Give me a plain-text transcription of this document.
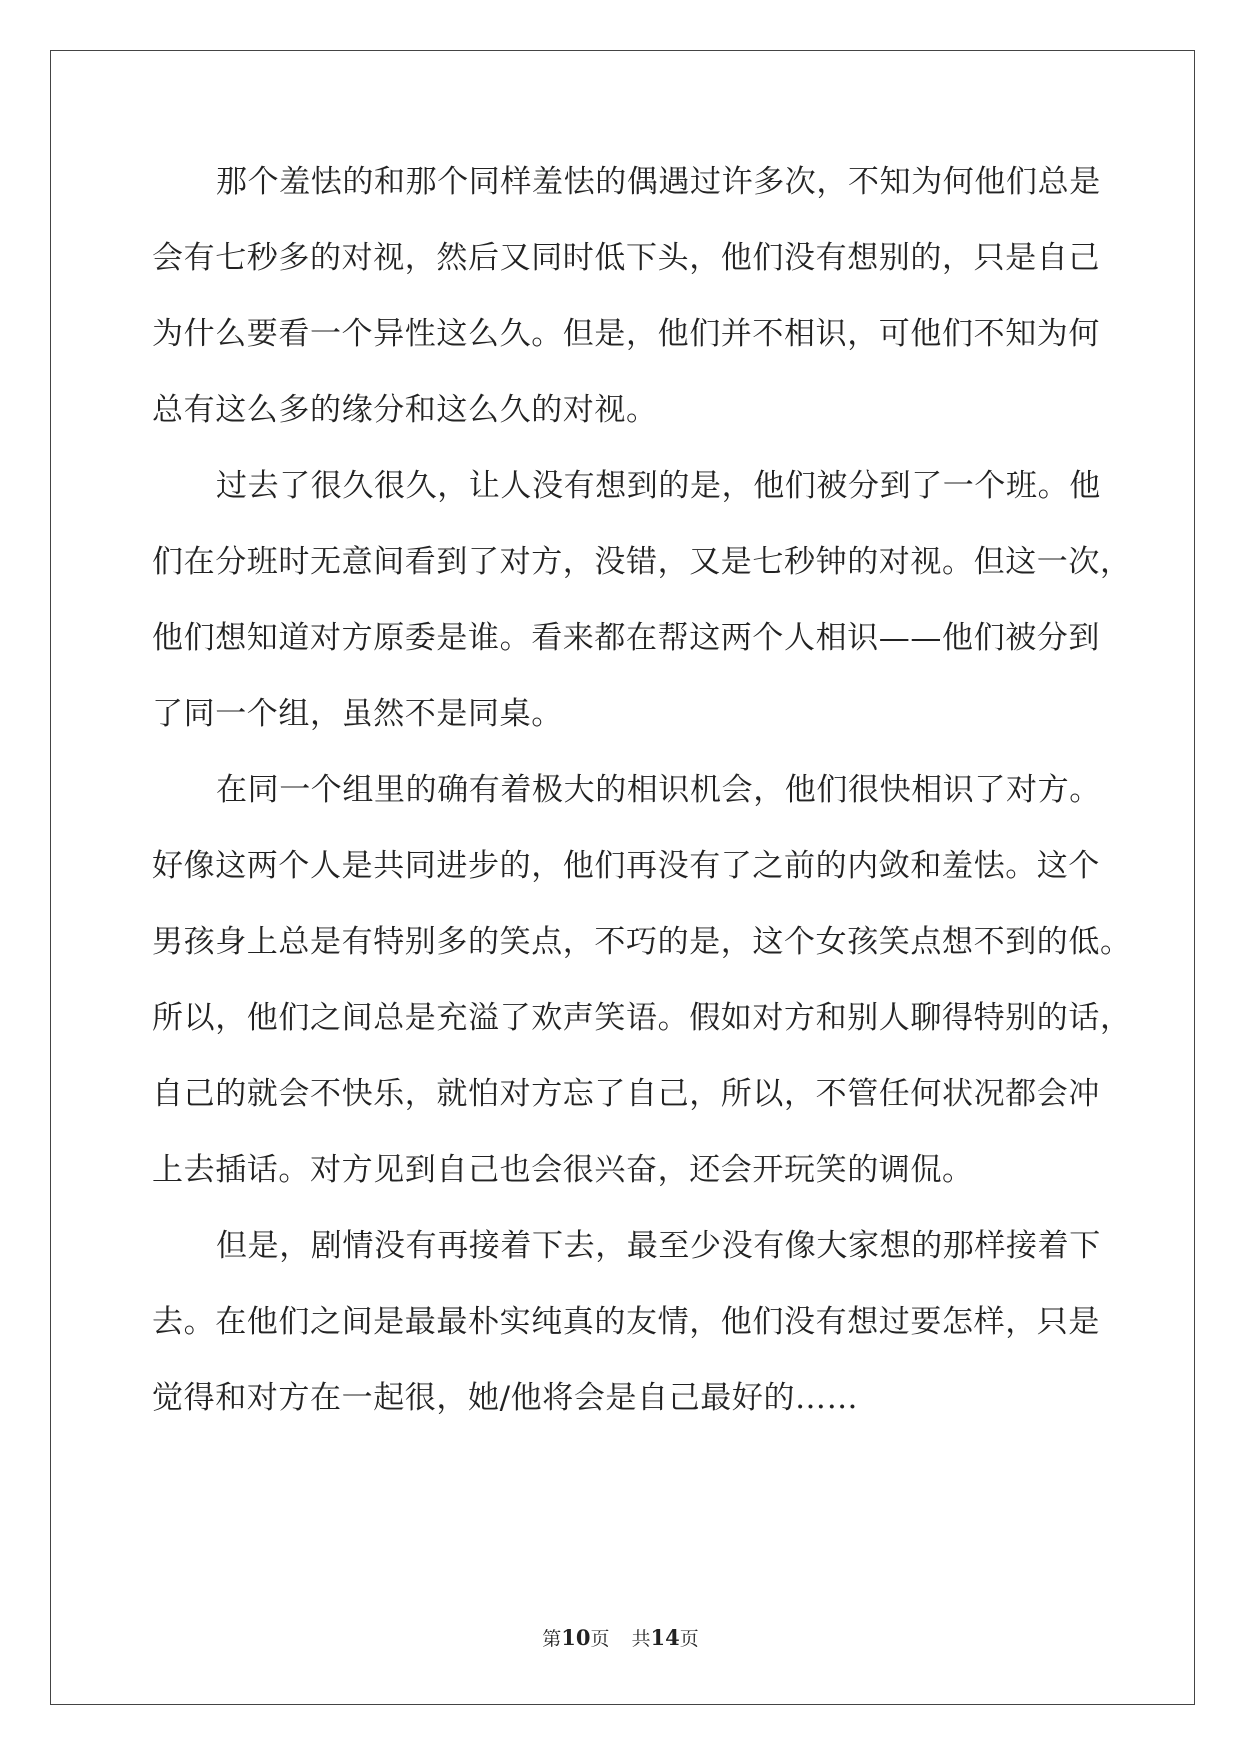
那个羞怯的和那个同样羞怯的偶遇过许多次，不知为何他们总是
会有七秒多的对视，然后又同时低下头，他们没有想别的，只是自己
为什么要看一个异性这么久。但是，他们并不相识，可他们不知为何
总有这么多的缘分和这么久的对视。
过去了很久很久，让人没有想到的是，他们被分到了一个班。他
们在分班时无意间看到了对方，没错，又是七秒钟的对视。但这一次，
他们想知道对方原委是谁。看来都在帮这两个人相识——他们被分到
了同一个组，虽然不是同桌。
在同一个组里的确有着极大的相识机会，他们很快相识了对方。
好像这两个人是共同进步的，他们再没有了之前的内敛和羞怯。这个
男孩身上总是有特别多的笑点，不巧的是，这个女孩笑点想不到的低。
所以，他们之间总是充溢了欢声笑语。假如对方和别人聊得特别的话，
自己的就会不快乐，就怕对方忘了自己，所以，不管任何状况都会冲
上去插话。对方见到自己也会很兴奋，还会开玩笑的调侃。
但是，剧情没有再接着下去，最至少没有像大家想的那样接着下
去。在他们之间是最最朴实纯真的友情，他们没有想过要怎样，只是
觉得和对方在一起很，她/他将会是自己最好的……
第10页 共14页
